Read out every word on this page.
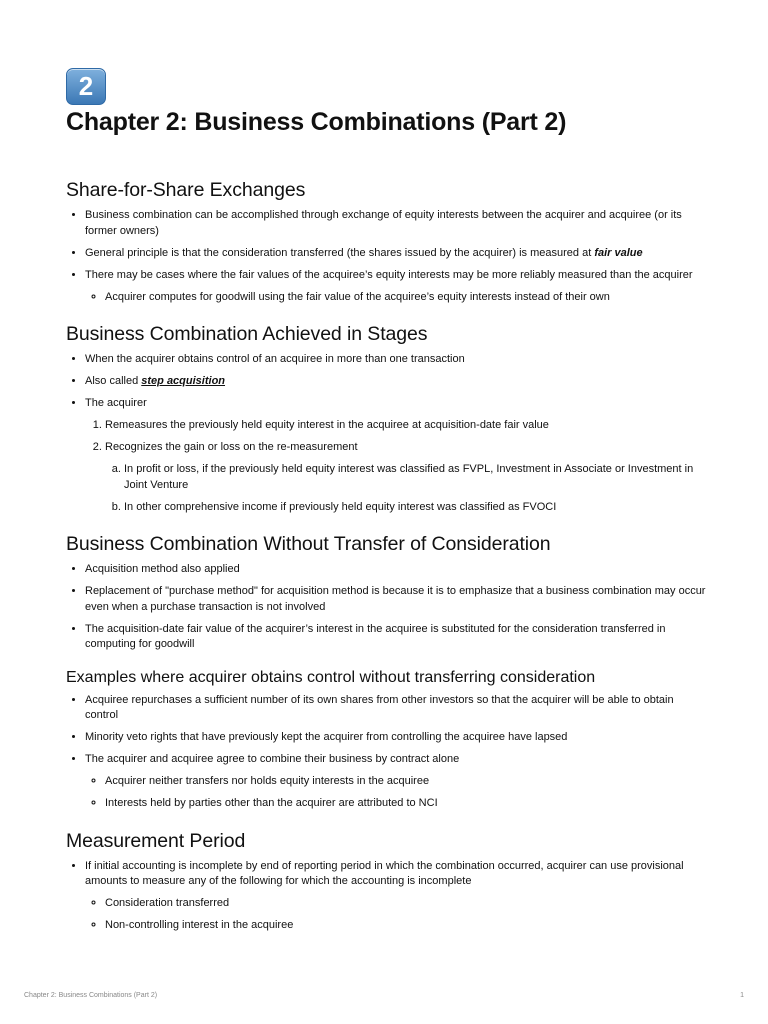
2
Chapter 2: Business Combinations (Part 2)
Share-for-Share Exchanges
• Business combination can be accomplished through exchange of equity interests between the acquirer and acquiree (or its former owners)
• General principle is that the consideration transferred (the shares issued by the acquirer) is measured at fair value
• There may be cases where the fair values of the acquiree’s equity interests may be more reliably measured than the acquirer
◦ Acquirer computes for goodwill using the fair value of the acquiree’s equity interests instead of their own
Business Combination Achieved in Stages
• When the acquirer obtains control of an acquiree in more than one transaction
• Also called step acquisition
• The acquirer
1. Remeasures the previously held equity interest in the acquiree at acquisition-date fair value
2. Recognizes the gain or loss on the re-measurement
a. In profit or loss, if the previously held equity interest was classified as FVPL, Investment in Associate or Investment in Joint Venture
b. In other comprehensive income if previously held equity interest was classified as FVOCI
Business Combination Without Transfer of Consideration
• Acquisition method also applied
• Replacement of "purchase method" for acquisition method is because it is to emphasize that a business combination may occur even when a purchase transaction is not involved
• The acquisition-date fair value of the acquirer’s interest in the acquiree is substituted for the consideration transferred in computing for goodwill
Examples where acquirer obtains control without transferring consideration
• Acquiree repurchases a sufficient number of its own shares from other investors so that the acquirer will be able to obtain control
• Minority veto rights that have previously kept the acquirer from controlling the acquiree have lapsed
• The acquirer and acquiree agree to combine their business by contract alone
◦ Acquirer neither transfers nor holds equity interests in the acquiree
◦ Interests held by parties other than the acquirer are attributed to NCI
Measurement Period
• If initial accounting is incomplete by end of reporting period in which the combination occurred, acquirer can use provisional amounts to measure any of the following for which the accounting is incomplete
◦ Consideration transferred
◦ Non-controlling interest in the acquiree
Chapter 2: Business Combinations (Part 2)	1
